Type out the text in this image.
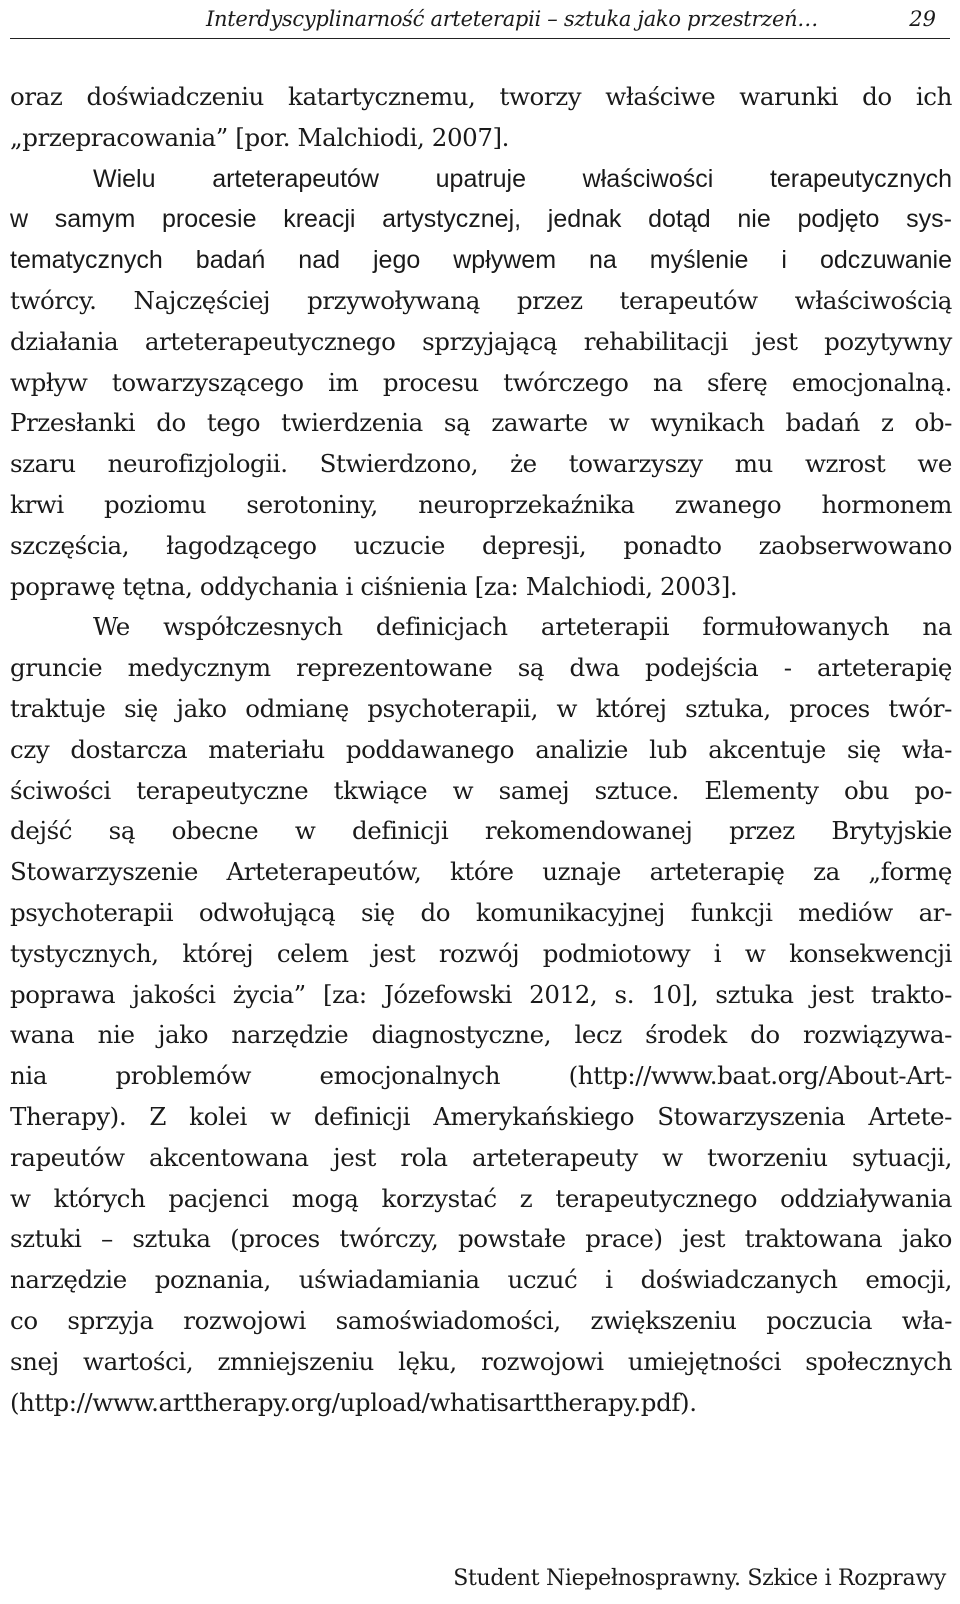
Interdyscyplinarność arteterapii – sztuka jako przestrzeń…	29
oraz doświadczeniu katartycznemu, tworzy właściwe warunki do ich
„przepracowania” [por. Malchiodi, 2007].
Wielu arteterapeutów upatruje właściwości terapeutycznych
w samym procesie kreacji artystycznej, jednak dotąd nie podjęto sys-
tematycznych badań nad jego wpływem na myślenie i odczuwanie
twórcy. Najczęściej przywoływaną przez terapeutów właściwością
działania arteterapeutycznego sprzyjającą rehabilitacji jest pozytywny
wpływ towarzyszącego im procesu twórczego na sferę emocjonalną.
Przesłanki do tego twierdzenia są zawarte w wynikach badań z ob-
szaru neurofizjologii. Stwierdzono, że towarzyszy mu wzrost we
krwi poziomu serotoniny, neuroprzekaźnika zwanego hormonem
szczęścia, łagodzącego uczucie depresji, ponadto zaobserwowano
poprawę tętna, oddychania i ciśnienia [za: Malchiodi, 2003].
We współczesnych definicjach arteterapii formułowanych na
gruncie medycznym reprezentowane są dwa podejścia - arteterapię
traktuje się jako odmianę psychoterapii, w której sztuka, proces twór-
czy dostarcza materiału poddawanego analizie lub akcentuje się wła-
ściwości terapeutyczne tkwiące w samej sztuce. Elementy obu po-
dejść są obecne w definicji rekomendowanej przez Brytyjskie
Stowarzyszenie Arteterapeutów, które uznaje arteterapię za „formę
psychoterapii odwołującą się do komunikacyjnej funkcji mediów ar-
tystycznych, której celem jest rozwój podmiotowy i w konsekwencji
poprawa jakości życia” [za: Józefowski 2012, s. 10], sztuka jest trakto-
wana nie jako narzędzie diagnostyczne, lecz środek do rozwiązywa-
nia problemów emocjonalnych (http://www.baat.org/About-Art-
Therapy). Z kolei w definicji Amerykańskiego Stowarzyszenia Artete-
rapeutów akcentowana jest rola arteterapeuty w tworzeniu sytuacji,
w których pacjenci mogą korzystać z terapeutycznego oddziaływania
sztuki – sztuka (proces twórczy, powstałe prace) jest traktowana jako
narzędzie poznania, uświadamiania uczuć i doświadczanych emocji,
co sprzyja rozwojowi samoświadomości, zwiększeniu poczucia wła-
snej wartości, zmniejszeniu lęku, rozwojowi umiejętności społecznych
(http://www.arttherapy.org/upload/whatisarttherapy.pdf).
Student Niepełnosprawny. Szkice i Rozprawy
